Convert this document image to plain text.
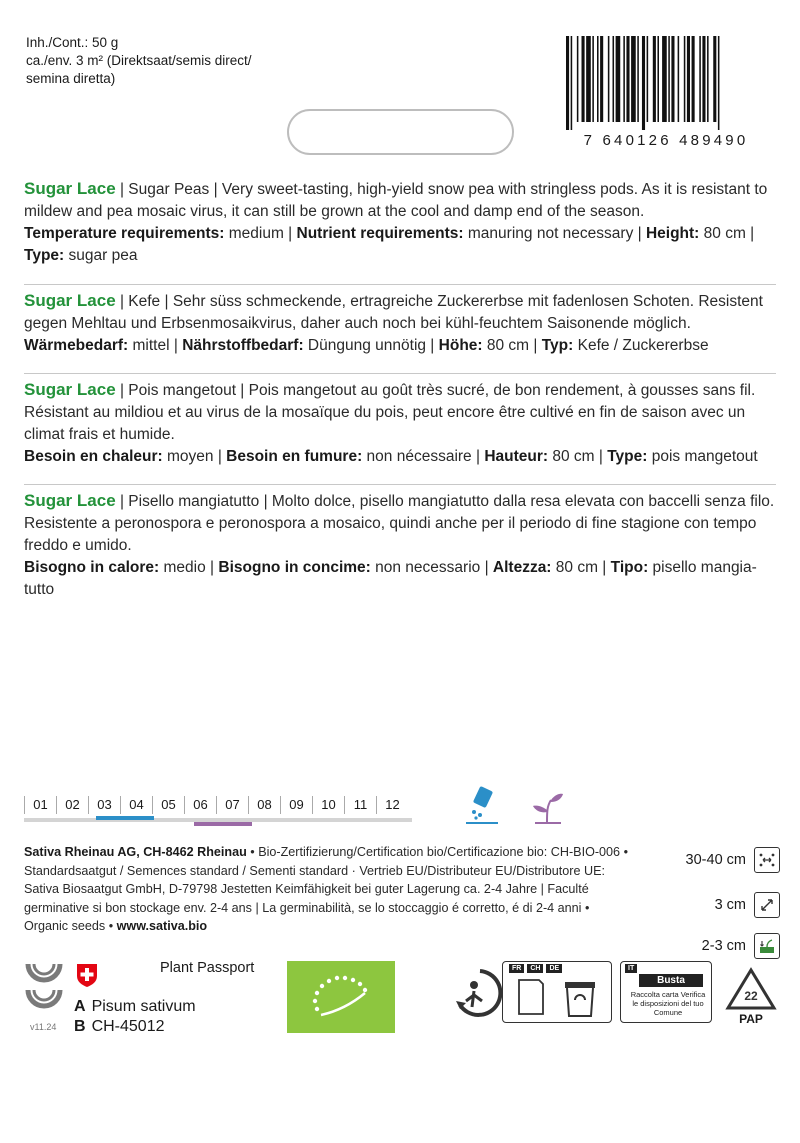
Inh./Cont.: 50 g
ca./env. 3 m² (Direktsaat/semis direct/
semina diretta)
7 640126 489490
Sugar Lace | Sugar Peas | Very sweet-tasting, high-yield snow pea with stringless pods. As it is resistant to mildew and pea mosaic virus, it can still be grown at the cool and damp end of the season.
Temperature requirements: medium | Nutrient requirements: manuring not necessary | Height: 80 cm | Type: sugar pea
Sugar Lace | Kefe | Sehr süss schmeckende, ertragreiche Zuckererbse mit fadenlosen Schoten. Resistent gegen Mehltau und Erbsenmosaikvirus, daher auch noch bei kühl-feuchtem Saisonende möglich.
Wärmebedarf: mittel | Nährstoffbedarf: Düngung unnötig | Höhe: 80 cm | Typ: Kefe / Zuckererbse
Sugar Lace | Pois mangetout | Pois mangetout au goût très sucré, de bon rendement, à gousses sans fil. Résistant au mildiou et au virus de la mosaïque du pois, peut encore être cultivé en fin de saison avec un climat frais et humide.
Besoin en chaleur: moyen | Besoin en fumure: non nécessaire | Hauteur: 80 cm | Type: pois mangetout
Sugar Lace | Pisello mangiatutto | Molto dolce, pisello mangiatutto dalla resa elevata con baccelli senza filo. Resistente a peronospora e peronospora a mosaico, quindi anche per il periodo di fine stagione con tempo freddo e umido.
Bisogno in calore: medio | Bisogno in concime: non necessario | Altezza: 80 cm | Tipo: pisello mangia-tutto
01	02	03	04	05	06	07	08	09	10	11	12
Sativa Rheinau AG, CH-8462 Rheinau • Bio-Zertifizierung/Certification bio/Certificazione bio: CH-BIO-006 • Standardsaatgut / Semences standard / Sementi standard · Vertrieb EU/Distributeur EU/Distributore UE: Sativa Biosaatgut GmbH, D-79798 Jestetten Keimfähigkeit bei guter Lagerung ca. 2-4 Jahre | Faculté germinative si bon stockage env. 2-4 ans | La germinabilità, se lo stoccaggio é corretto, é di 2-4 anni • Organic seeds • www.sativa.bio
30-40 cm
3 cm
2-3 cm
v11.24
Plant Passport
A Pisum sativum
B CH-45012
FR	CH	DE	IT
Busta
Raccolta carta Verifica le disposizioni del tuo Comune
22
PAP
